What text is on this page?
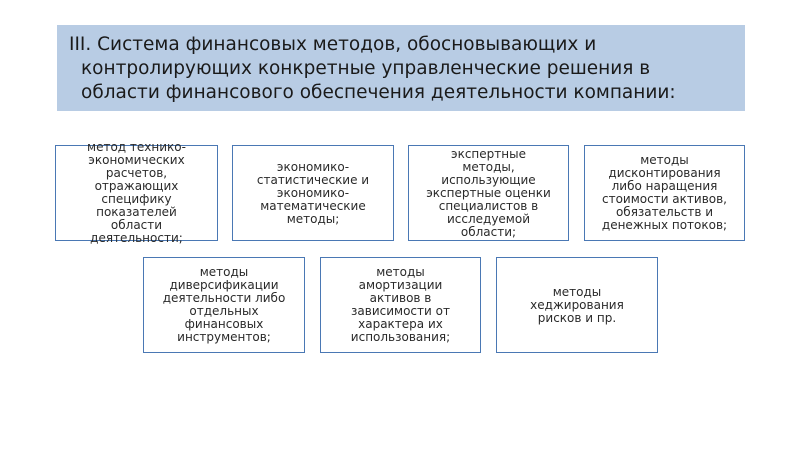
III. Система финансовых методов, обосновывающих и
контролирующих конкретные управленческие решения в
области финансового обеспечения деятельности компании:
метод технико-
экономических
расчетов,
отражающих
специфику
показателей
области
деятельности;
экономико-
статистические и
экономико-
математические
методы;
экспертные
методы,
использующие
экспертные оценки
специалистов в
исследуемой
области;
методы
дисконтирования
либо наращения
стоимости активов,
обязательств и
денежных потоков;
методы
диверсификации
деятельности либо
отдельных
финансовых
инструментов;
методы
амортизации
активов в
зависимости от
характера их
использования;
методы
хеджирования
рисков и пр.
